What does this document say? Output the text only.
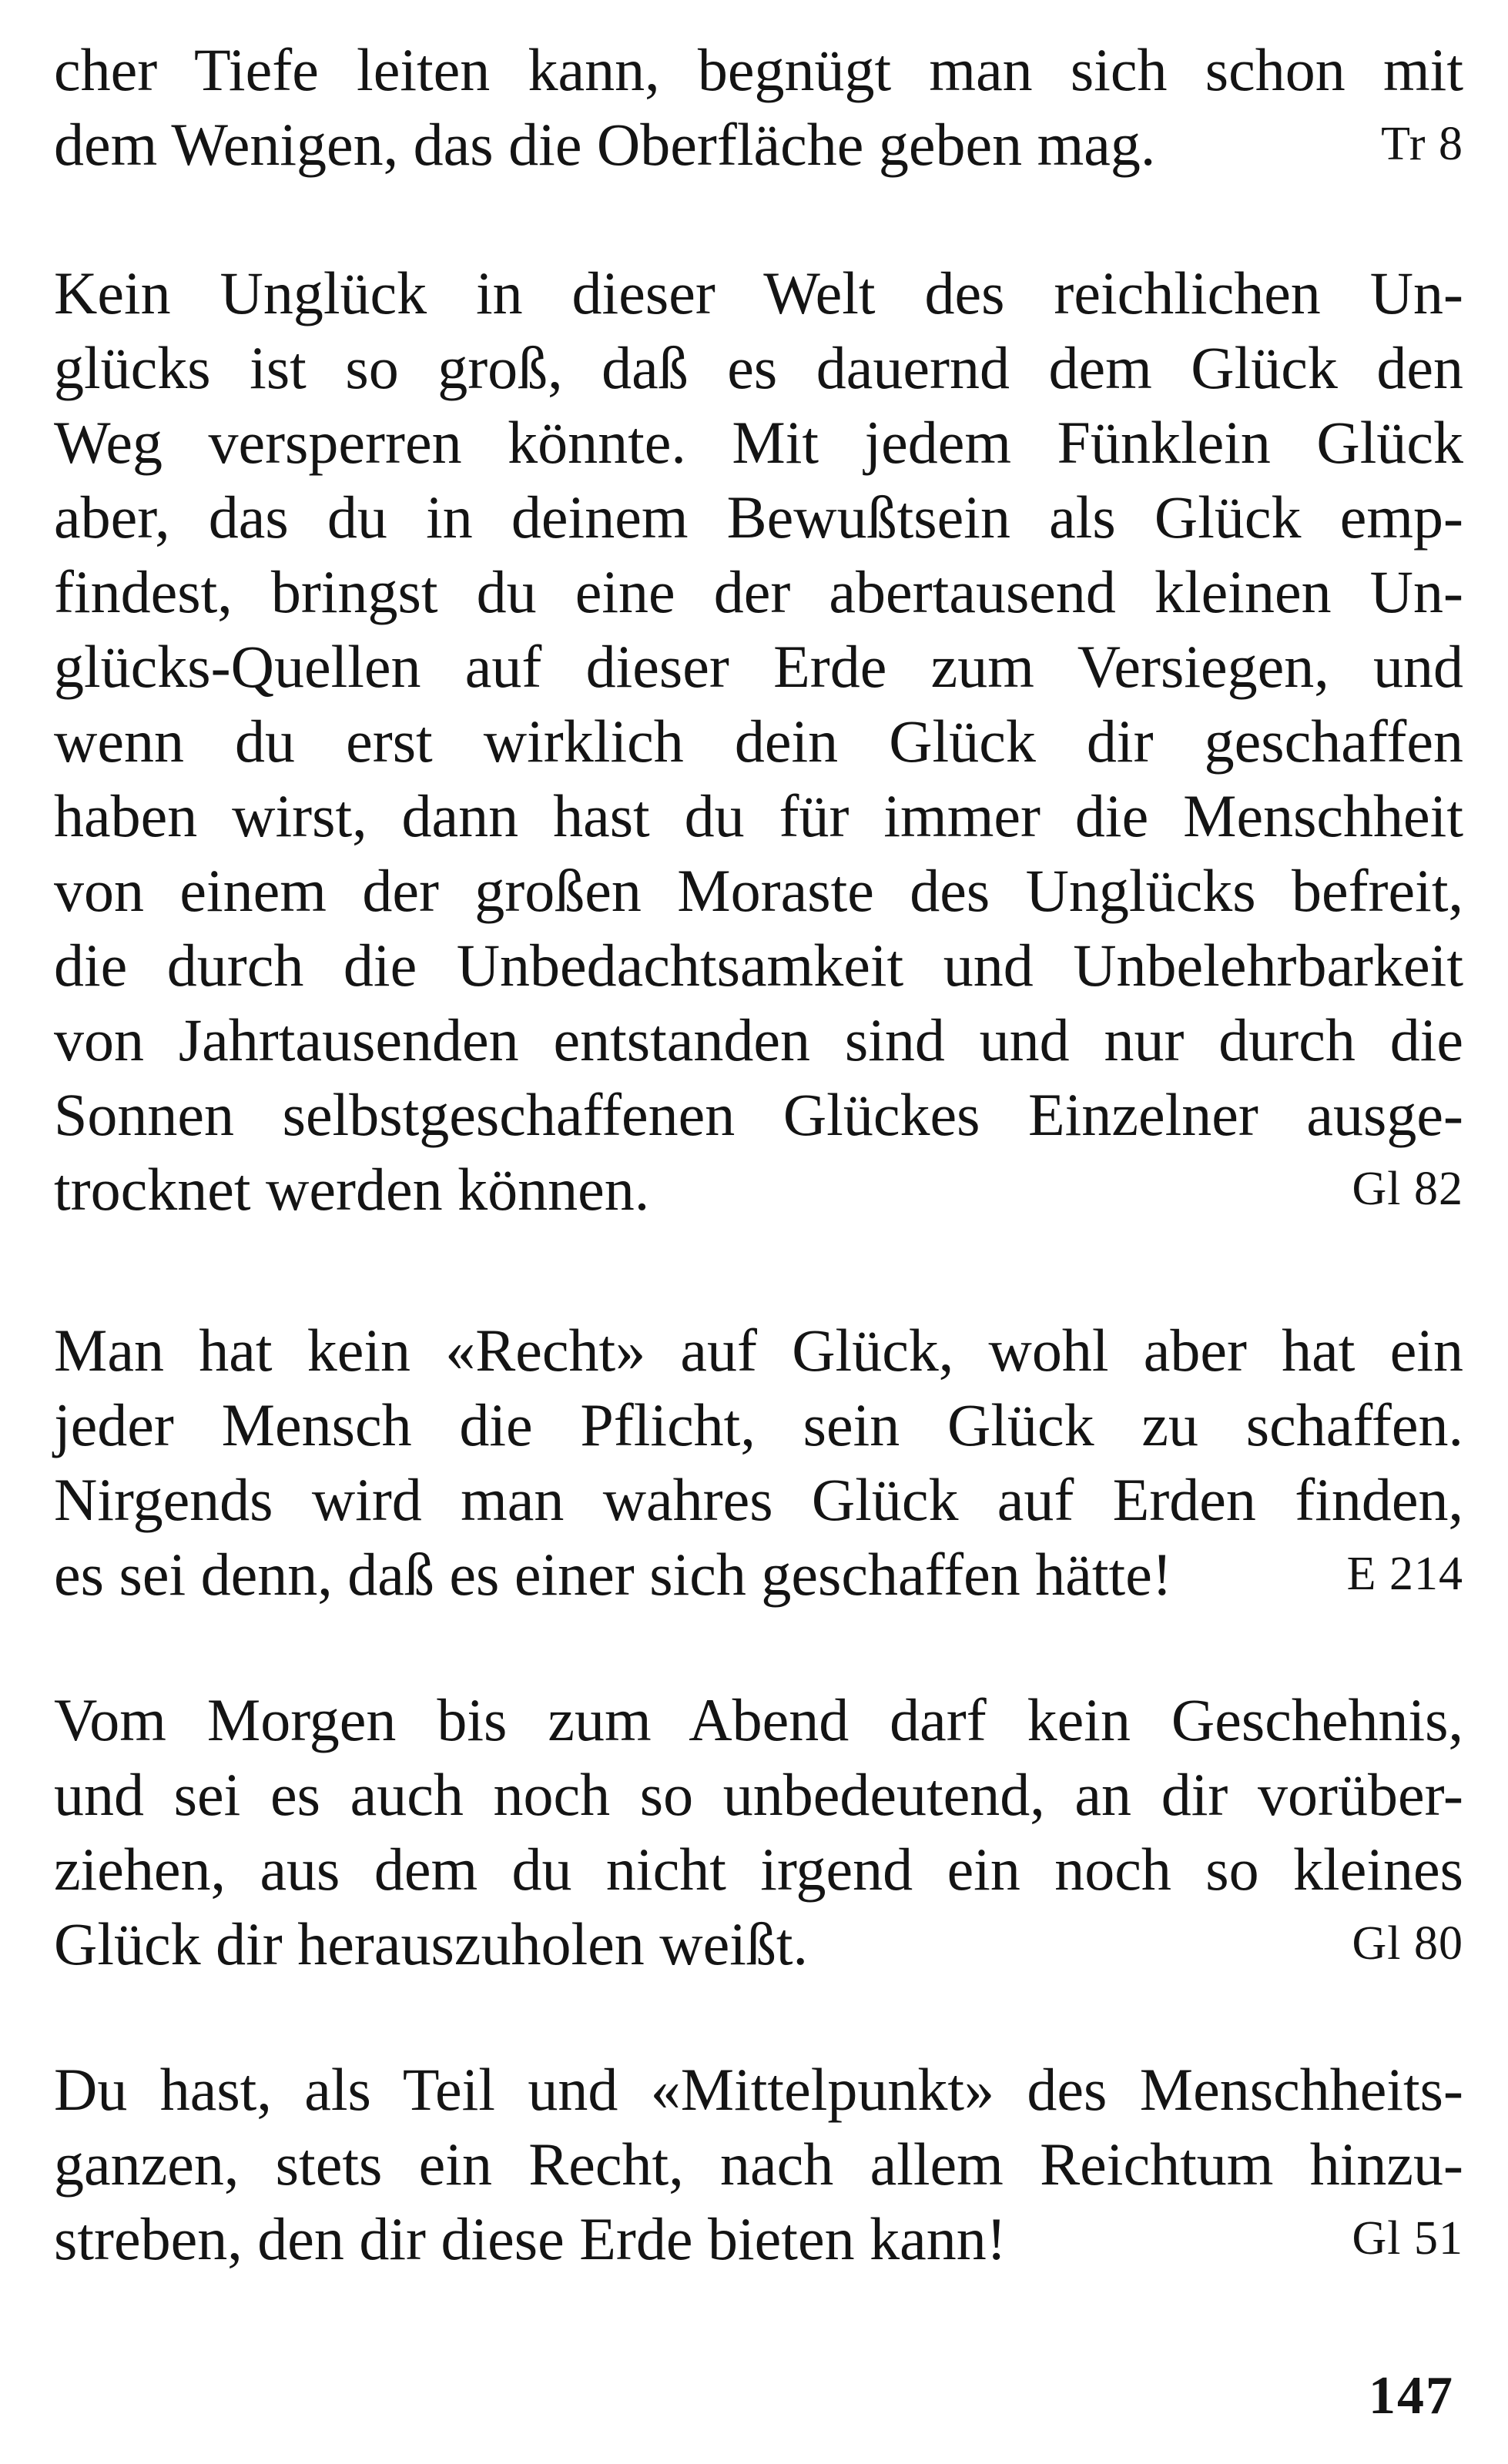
cher Tiefe leiten kann, begnügt man sich schon mit
dem Wenigen, das die Oberfläche geben mag.	Tr 8
Kein Unglück in dieser Welt des reichlichen Un-
glücks ist so groß, daß es dauernd dem Glück den
Weg versperren könnte. Mit jedem Fünklein Glück
aber, das du in deinem Bewußtsein als Glück emp-
findest, bringst du eine der abertausend kleinen Un-
glücks-Quellen auf dieser Erde zum Versiegen, und
wenn du erst wirklich dein Glück dir geschaffen
haben wirst, dann hast du für immer die Menschheit
von einem der großen Moraste des Unglücks befreit,
die durch die Unbedachtsamkeit und Unbelehrbarkeit
von Jahrtausenden entstanden sind und nur durch die
Sonnen selbstgeschaffenen Glückes Einzelner ausge-
trocknet werden können.	Gl 82
Man hat kein «Recht» auf Glück, wohl aber hat ein
jeder Mensch die Pflicht, sein Glück zu schaffen.
Nirgends wird man wahres Glück auf Erden finden,
es sei denn, daß es einer sich geschaffen hätte!	E 214
Vom Morgen bis zum Abend darf kein Geschehnis,
und sei es auch noch so unbedeutend, an dir vorüber-
ziehen, aus dem du nicht irgend ein noch so kleines
Glück dir herauszuholen weißt.	Gl 80
Du hast, als Teil und «Mittelpunkt» des Menschheits-
ganzen, stets ein Recht, nach allem Reichtum hinzu-
streben, den dir diese Erde bieten kann!	Gl 51
147
